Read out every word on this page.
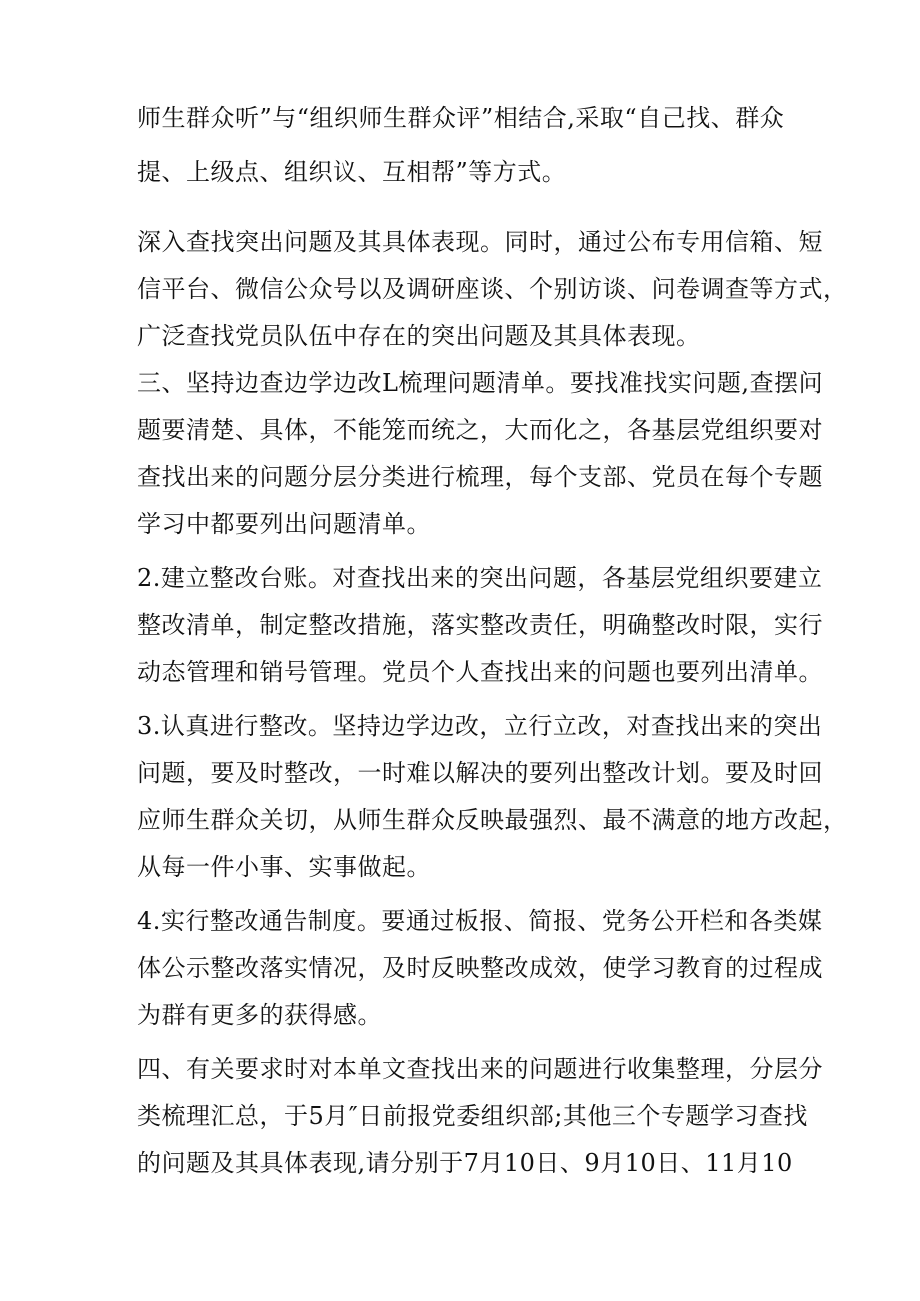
师生群众听”与“组织师生群众评”相结合,采取“自己找、群众
提、上级点、组织议、互相帮”等方式。
深入查找突出问题及其具体表现。同时，通过公布专用信箱、短
信平台、微信公众号以及调研座谈、个别访谈、问卷调查等方式，
广泛查找党员队伍中存在的突出问题及其具体表现。
三、坚持边查边学边改L梳理问题清单。要找准找实问题,查摆问
题要清楚、具体，不能笼而统之，大而化之，各基层党组织要对
查找出来的问题分层分类进行梳理，每个支部、党员在每个专题
学习中都要列出问题清单。
2.建立整改台账。对查找出来的突出问题，各基层党组织要建立
整改清单，制定整改措施，落实整改责任，明确整改时限，实行
动态管理和销号管理。党员个人查找出来的问题也要列出清单。
3.认真进行整改。坚持边学边改，立行立改，对查找出来的突出
问题，要及时整改，一时难以解决的要列出整改计划。要及时回
应师生群众关切，从师生群众反映最强烈、最不满意的地方改起，
从每一件小事、实事做起。
4.实行整改通告制度。要通过板报、简报、党务公开栏和各类媒
体公示整改落实情况，及时反映整改成效，使学习教育的过程成
为群有更多的获得感。
四、有关要求时对本单文查找出来的问题进行收集整理，分层分
类梳理汇总，于5月″日前报党委组织部;其他三个专题学习查找
的问题及其具体表现,请分别于7月10日、9月10日、11月10
